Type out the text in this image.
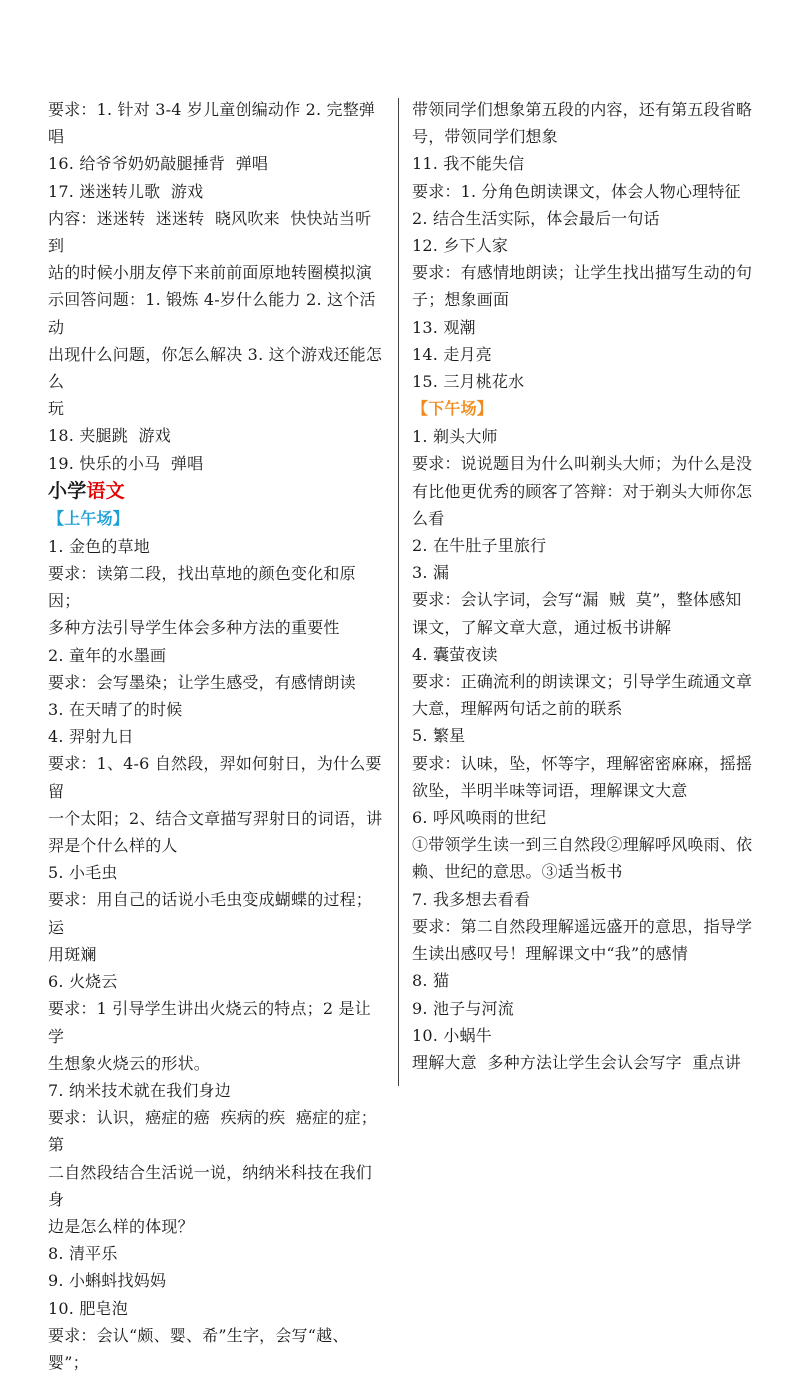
要求：1. 针对 3-4 岁儿童创编动作 2. 完整弹唱

16. 给爷爷奶奶敲腿捶背  弹唱

17. 迷迷转儿歌  游戏

内容：迷迷转  迷迷转  晓风吹来  快快站当听到

站的时候小朋友停下来前前面原地转圈模拟演

示回答问题：1. 锻炼 4-岁什么能力 2. 这个活动

出现什么问题，你怎么解决 3. 这个游戏还能怎么

玩

18. 夹腿跳  游戏

19. 快乐的小马  弹唱

小学语文

【上午场】

1. 金色的草地

要求：读第二段，找出草地的颜色变化和原因；

多种方法引导学生体会多种方法的重要性

2. 童年的水墨画

要求：会写墨染；让学生感受，有感情朗读

3. 在天晴了的时候

4. 羿射九日

要求：1、4-6 自然段，羿如何射日，为什么要留

一个太阳；2、结合文章描写羿射日的词语，讲

羿是个什么样的人

5. 小毛虫

要求：用自己的话说小毛虫变成蝴蝶的过程；运

用斑斓

6. 火烧云

要求：1 引导学生讲出火烧云的特点；2 是让学

生想象火烧云的形状。

7. 纳米技术就在我们身边

要求：认识，癌症的癌  疾病的疾  癌症的症；第

二自然段结合生活说一说，纳纳米科技在我们身

边是怎么样的体现？

8. 清平乐

9. 小蝌蚪找妈妈

10. 肥皂泡

要求：会认“颇、婴、希”生字，会写“越、婴”；

带领同学们想象第五段的内容，还有第五段省略

号，带领同学们想象

11. 我不能失信

要求：1. 分角色朗读课文，体会人物心理特征

2. 结合生活实际，体会最后一句话

12. 乡下人家

要求：有感情地朗读；让学生找出描写生动的句

子；想象画面

13. 观潮

14. 走月亮

15. 三月桃花水

【下午场】

1. 剃头大师

要求：说说题目为什么叫剃头大师；为什么是没

有比他更优秀的顾客了答辩：对于剃头大师你怎

么看

2. 在牛肚子里旅行

3. 漏

要求：会认字词，会写“漏  贼  莫”，整体感知

课文，了解文章大意，通过板书讲解

4. 囊萤夜读

要求：正确流利的朗读课文；引导学生疏通文章

大意，理解两句话之前的联系

5. 繁星

要求：认味，坠，怀等字，理解密密麻麻，摇摇

欲坠，半明半味等词语，理解课文大意

6. 呼风唤雨的世纪

①带领学生读一到三自然段②理解呼风唤雨、依

赖、世纪的意思。③适当板书

7. 我多想去看看

要求：第二自然段理解遥远盛开的意思，指导学

生读出感叹号！理解课文中“我”的感情

8. 猫

9. 池子与河流

10. 小蜗牛

理解大意  多种方法让学生会认会写字  重点讲
